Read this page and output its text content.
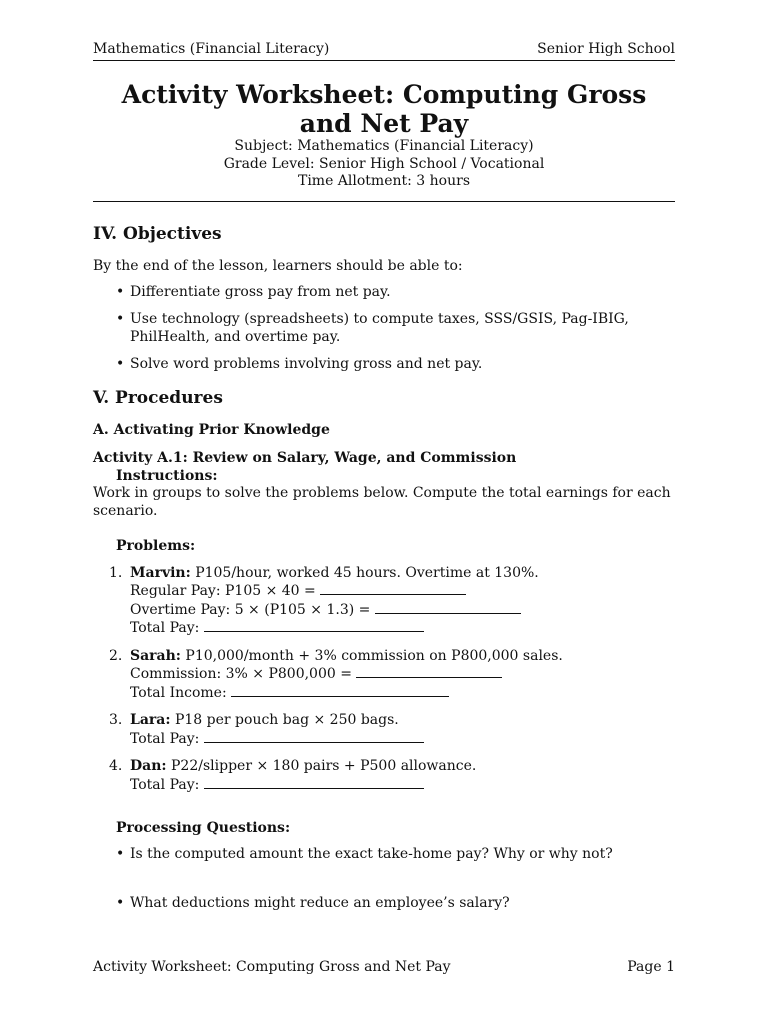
Mathematics (Financial Literacy)	Senior High School
Activity Worksheet: Computing Gross and Net Pay
Subject: Mathematics (Financial Literacy)
Grade Level: Senior High School / Vocational
Time Allotment: 3 hours
IV. Objectives

By the end of the lesson, learners should be able to:

• Differentiate gross pay from net pay.
• Use technology (spreadsheets) to compute taxes, SSS/GSIS, Pag-IBIG, PhilHealth, and overtime pay.
• Solve word problems involving gross and net pay.
V. Procedures

A. Activating Prior Knowledge

Activity A.1: Review on Salary, Wage, and Commission

Instructions:

Work in groups to solve the problems below. Compute the total earnings for each scenario.

Problems:

1. Marvin: P105/hour, worked 45 hours. Overtime at 130%.
Regular Pay: P105 × 40 =
Overtime Pay: 5 × (P105 × 1.3) =
Total Pay:
2. Sarah: P10,000/month + 3% commission on P800,000 sales.
Commission: 3% × P800,000 =
Total Income:
3. Lara: P18 per pouch bag × 250 bags.
Total Pay:
4. Dan: P22/slipper × 180 pairs + P500 allowance.
Total Pay:

Processing Questions:

• Is the computed amount the exact take-home pay? Why or why not?
• What deductions might reduce an employee’s salary?
Activity Worksheet: Computing Gross and Net Pay	Page 1
